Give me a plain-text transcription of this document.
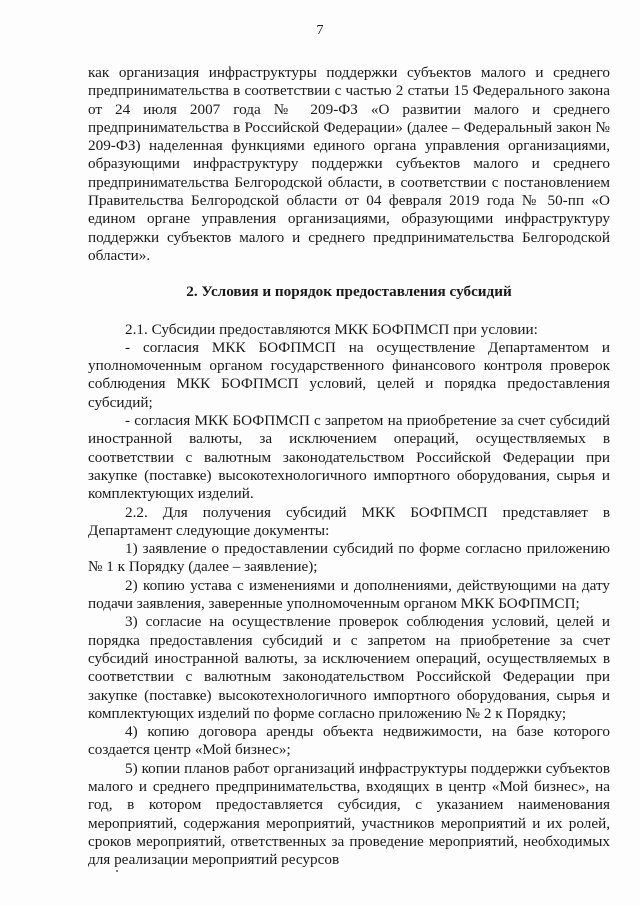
7

как организация инфраструктуры поддержки субъектов малого и среднего предпринимательства в соответствии с частью 2 статьи 15 Федерального закона от 24 июля 2007 года № 209-ФЗ «О развитии малого и среднего предпринимательства в Российской Федерации» (далее – Федеральный закон № 209-ФЗ) наделенная функциями единого органа управления организациями, образующими инфраструктуру поддержки субъектов малого и среднего предпринимательства Белгородской области, в соответствии с постановлением Правительства Белгородской области от 04 февраля 2019 года № 50-пп «О едином органе управления организациями, образующими инфраструктуру поддержки субъектов малого и среднего предпринимательства Белгородской области».

2. Условия и порядок предоставления субсидий

2.1. Субсидии предоставляются МКК БОФПМСП при условии:

- согласия МКК БОФПМСП на осуществление Департаментом и уполномоченным органом государственного финансового контроля проверок соблюдения МКК БОФПМСП условий, целей и порядка предоставления субсидий;

- согласия МКК БОФПМСП с запретом на приобретение за счет субсидий иностранной валюты, за исключением операций, осуществляемых в соответствии с валютным законодательством Российской Федерации при закупке (поставке) высокотехнологичного импортного оборудования, сырья и комплектующих изделий.

2.2. Для получения субсидий МКК БОФПМСП представляет в Департамент следующие документы:

1) заявление о предоставлении субсидий по форме согласно приложению № 1 к Порядку (далее – заявление);

2) копию устава с изменениями и дополнениями, действующими на дату подачи заявления, заверенные уполномоченным органом МКК БОФПМСП;

3) согласие на осуществление проверок соблюдения условий, целей и порядка предоставления субсидий и с запретом на приобретение за счет субсидий иностранной валюты, за исключением операций, осуществляемых в соответствии с валютным законодательством Российской Федерации при закупке (поставке) высокотехнологичного импортного оборудования, сырья и комплектующих изделий по форме согласно приложению № 2 к Порядку;

4) копию договора аренды объекта недвижимости, на базе которого создается центр «Мой бизнес»;

5) копии планов работ организаций инфраструктуры поддержки субъектов малого и среднего предпринимательства, входящих в центр «Мой бизнес», на год, в котором предоставляется субсидия, с указанием наименования мероприятий, содержания мероприятий, участников мероприятий и их ролей, сроков мероприятий, ответственных за проведение мероприятий, необходимых для реализации мероприятий ресурсов
